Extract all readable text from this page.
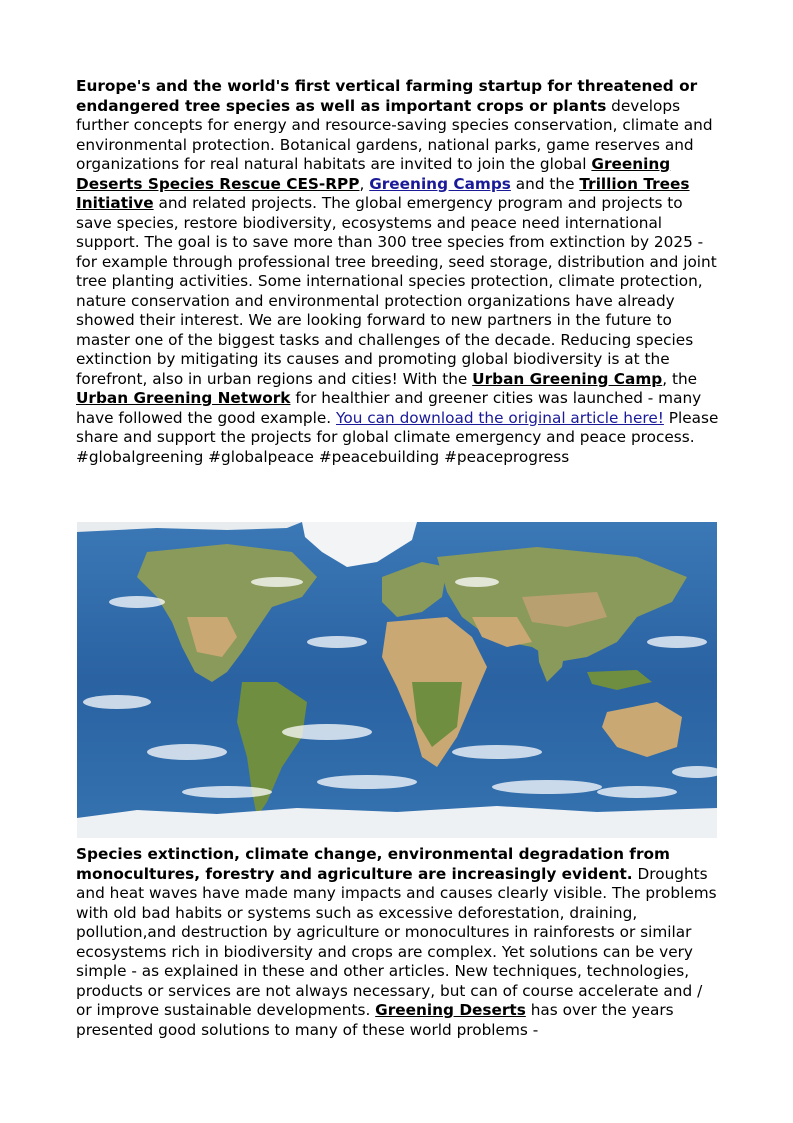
Europe's and the world's first vertical farming startup for threatened or endangered tree species as well as important crops or plants develops further concepts for energy and resource-saving species conservation, climate and environmental protection. Botanical gardens, national parks, game reserves and organizations for real natural habitats are invited to join the global Greening Deserts Species Rescue CES-RPP, Greening Camps and the Trillion Trees Initiative and related projects. The global emergency program and projects to save species, restore biodiversity, ecosystems and peace need international support. The goal is to save more than 300 tree species from extinction by 2025 - for example through professional tree breeding, seed storage, distribution and joint tree planting activities. Some international species protection, climate protection, nature conservation and environmental protection organizations have already showed their interest. We are looking forward to new partners in the future to master one of the biggest tasks and challenges of the decade. Reducing species extinction by mitigating its causes and promoting global biodiversity is at the forefront, also in urban regions and cities! With the Urban Greening Camp, the Urban Greening Network for healthier and greener cities was launched - many have followed the good example. You can download the original article here! Please share and support the projects for global climate emergency and peace process. #globalgreening #globalpeace #peacebuilding #peaceprogress
Species extinction, climate change, environmental degradation from monocultures, forestry and agriculture are increasingly evident. Droughts and heat waves have made many impacts and causes clearly visible. The problems with old bad habits or systems such as excessive deforestation, draining, pollution,and destruction by agriculture or monocultures in rainforests or similar ecosystems rich in biodiversity and crops are complex. Yet solutions can be very simple - as explained in these and other articles. New techniques, technologies, products or services are not always necessary, but can of course accelerate and / or improve sustainable developments. Greening Deserts has over the years presented good solutions to many of these world problems -
